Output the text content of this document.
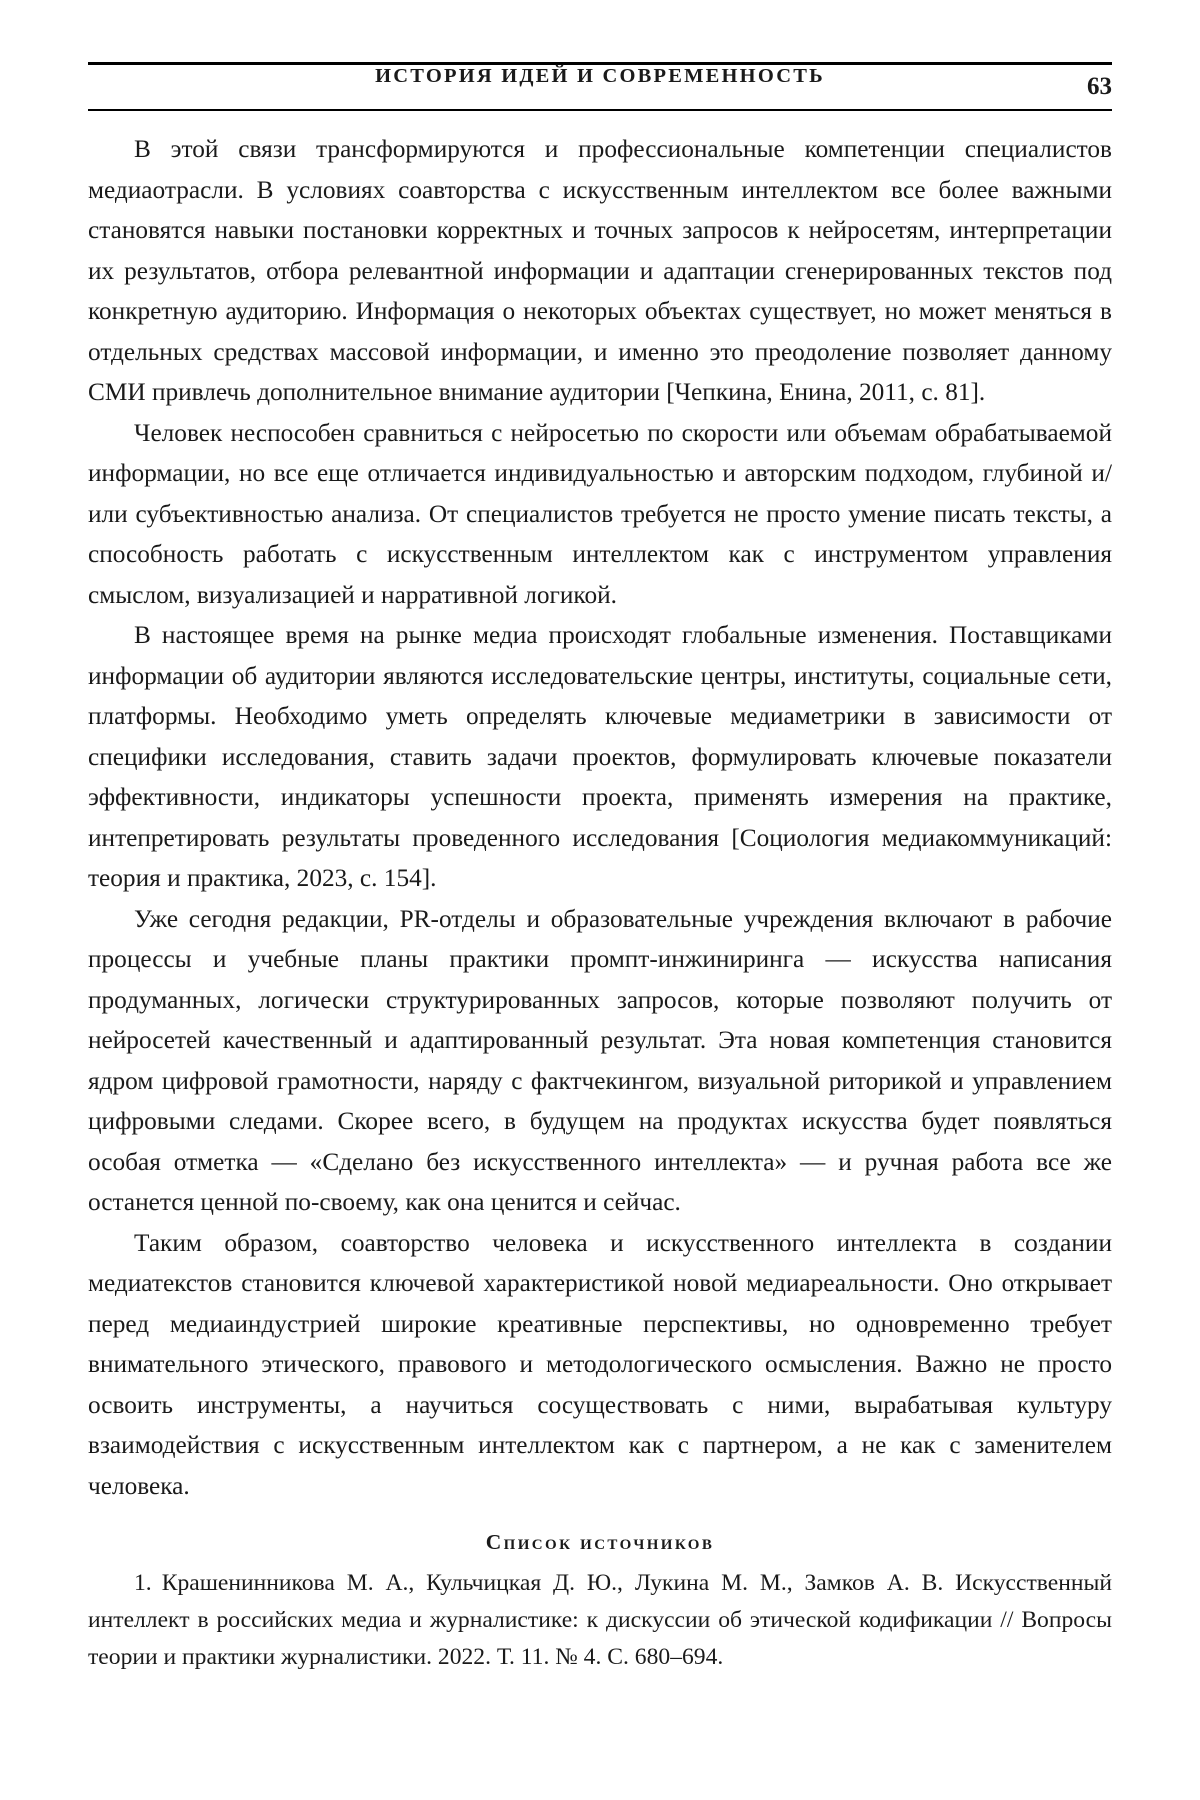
ИСТОРИЯ ИДЕЙ И СОВРЕМЕННОСТЬ	63

В этой связи трансформируются и профессиональные компетенции специалистов медиаотрасли. В условиях соавторства с искусственным интеллектом все более важными становятся навыки постановки корректных и точных запросов к нейросетям, интерпретации их результатов, отбора релевантной информации и адаптации сгенерированных текстов под конкретную аудиторию. Информация о некоторых объектах существует, но может меняться в отдельных средствах массовой информации, и именно это преодоление позволяет данному СМИ привлечь дополнительное внимание аудитории [Чепкина, Енина, 2011, с. 81].

Человек неспособен сравниться с нейросетью по скорости или объемам обрабатываемой информации, но все еще отличается индивидуальностью и авторским подходом, глубиной и/или субъективностью анализа. От специалистов требуется не просто умение писать тексты, а способность работать с искусственным интеллектом как с инструментом управления смыслом, визуализацией и нарративной логикой.

В настоящее время на рынке медиа происходят глобальные изменения. Поставщиками информации об аудитории являются исследовательские центры, институты, социальные сети, платформы. Необходимо уметь определять ключевые медиаметрики в зависимости от специфики исследования, ставить задачи проектов, формулировать ключевые показатели эффективности, индикаторы успешности проекта, применять измерения на практике, интепретировать результаты проведенного исследования [Социология медиакоммуникаций: теория и практика, 2023, с. 154].

Уже сегодня редакции, PR-отделы и образовательные учреждения включают в рабочие процессы и учебные планы практики промпт-инжиниринга — искусства написания продуманных, логически структурированных запросов, которые позволяют получить от нейросетей качественный и адаптированный результат. Эта новая компетенция становится ядром цифровой грамотности, наряду с фактчекингом, визуальной риторикой и управлением цифровыми следами. Скорее всего, в будущем на продуктах искусства будет появляться особая отметка — «Сделано без искусственного интеллекта» — и ручная работа все же останется ценной по-своему, как она ценится и сейчас.

Таким образом, соавторство человека и искусственного интеллекта в создании медиатекстов становится ключевой характеристикой новой медиареальности. Оно открывает перед медиаиндустрией широкие креативные перспективы, но одновременно требует внимательного этического, правового и методологического осмысления. Важно не просто освоить инструменты, а научиться сосуществовать с ними, вырабатывая культуру взаимодействия с искусственным интеллектом как с партнером, а не как с заменителем человека.

Список источников

1. Крашенинникова М. А., Кульчицкая Д. Ю., Лукина М. М., Замков А. В. Искусственный интеллект в российских медиа и журналистике: к дискуссии об этической кодификации // Вопросы теории и практики журналистики. 2022. Т. 11. № 4. С. 680–694.
